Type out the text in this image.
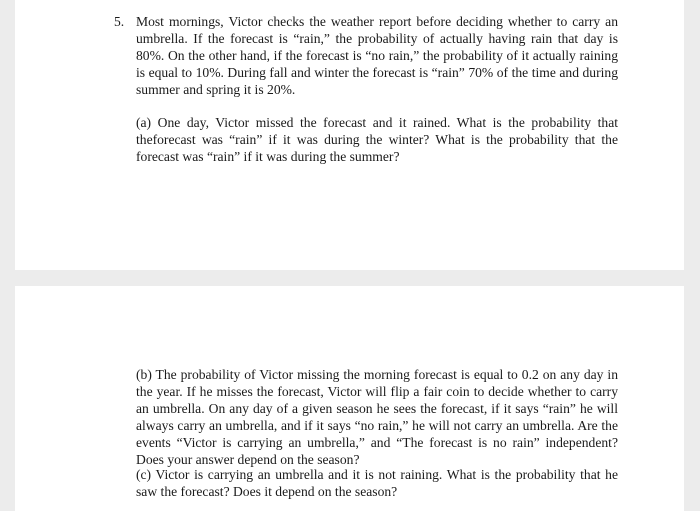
5. Most mornings, Victor checks the weather report before deciding whether to carry an umbrella. If the forecast is “rain,” the probability of actually having rain that day is 80%. On the other hand, if the forecast is “no rain,” the probability of it actually raining is equal to 10%. During fall and winter the forecast is “rain” 70% of the time and during summer and spring it is 20%.

(a) One day, Victor missed the forecast and it rained. What is the probability that theforecast was “rain” if it was during the winter? What is the probability that the forecast was “rain” if it was during the summer?

(b) The probability of Victor missing the morning forecast is equal to 0.2 on any day in the year. If he misses the forecast, Victor will flip a fair coin to decide whether to carry an umbrella. On any day of a given season he sees the forecast, if it says “rain” he will always carry an umbrella, and if it says “no rain,” he will not carry an umbrella. Are the events “Victor is carrying an umbrella,” and “The forecast is no rain” independent? Does your answer depend on the season?

(c) Victor is carrying an umbrella and it is not raining. What is the probability that he saw the forecast? Does it depend on the season?
